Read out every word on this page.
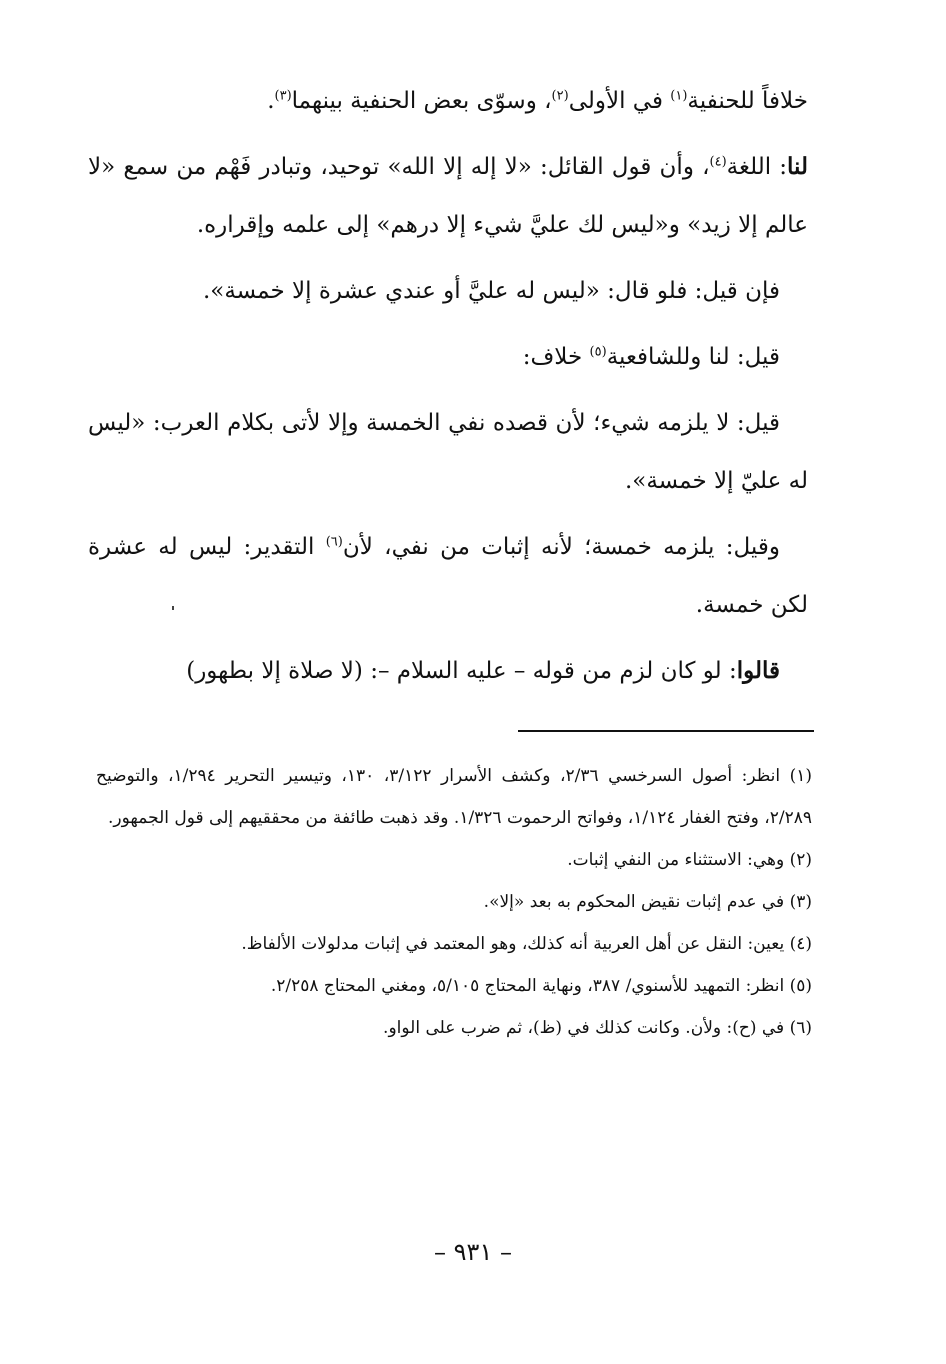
خلافاً للحنفية$^{(١)}$ في الأولى$^{(٢)}$، وسوّى بعض الحنفية بينهما$^{(٣)}$.

لنا: اللغة$^{(٤)}$، وأن قول القائل: «لا إله إلا الله» توحيد، وتبادر فَهْم من سمع «لا عالم إلا زيد» و«ليس لك عليَّ شيء إلا درهم» إلى علمه وإقراره.

فإن قيل: فلو قال: «ليس له عليَّ أو عندي عشرة إلا خمسة».

قيل: لنا وللشافعية$^{(٥)}$ خلاف:

قيل: لا يلزمه شيء؛ لأن قصده نفي الخمسة وإلا لأتى بكلام العرب: «ليس له عليّ إلا خمسة».

وقيل: يلزمه خمسة؛ لأنه إثبات من نفي، لأن$^{(٦)}$ التقدير: ليس له عشرة لكن خمسة.

قالوا: لو كان لزم من قوله – عليه السلام –: (لا صلاة إلا بطهور)

(١) انظر: أصول السرخسي ٢/٣٦، وكشف الأسرار ٣/١٢٢، ١٣٠، وتيسير التحرير ١/٢٩٤، والتوضيح ٢/٢٨٩، وفتح الغفار ١/١٢٤، وفواتح الرحموت ١/٣٢٦. وقد ذهبت طائفة من محققيهم إلى قول الجمهور.

(٢) وهي: الاستثناء من النفي إثبات.

(٣) في عدم إثبات نقيض المحكوم به بعد «إلا».

(٤) يعين: النقل عن أهل العربية أنه كذلك، وهو المعتمد في إثبات مدلولات الألفاظ.

(٥) انظر: التمهيد للأسنوي/ ٣٨٧، ونهاية المحتاج ٥/١٠٥، ومغني المحتاج ٢/٢٥٨.

(٦) في (ح): ولأن. وكانت كذلك في (ظ)، ثم ضرب على الواو.

– ٩٣١ –
